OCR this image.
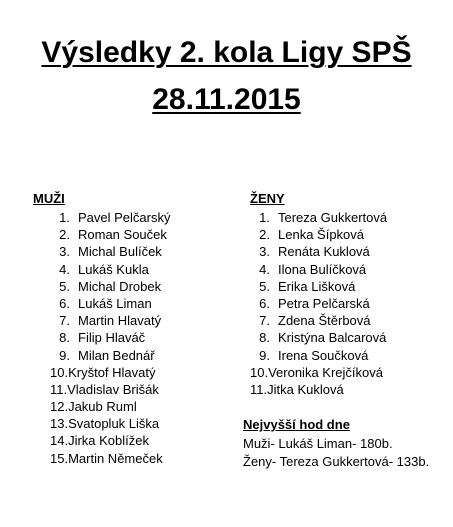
Výsledky 2. kola Ligy SPŠ
28.11.2015
MUŽI
1. Pavel Pelčarský
2. Roman Souček
3. Michal Bulíček
4. Lukáš Kukla
5. Michal Drobek
6. Lukáš Liman
7. Martin Hlavatý
8. Filip Hlaváč
9. Milan Bednář
10.Kryštof Hlavatý
11.Vladislav Brišák
12.Jakub Ruml
13.Svatopluk Liška
14.Jirka Koblížek
15.Martin Němeček
ŽENY
1. Tereza Gukkertová
2. Lenka Šípková
3. Renáta Kuklová
4. Ilona Bulíčková
5. Erika Lišková
6. Petra Pelčarská
7. Zdena Štěrbová
8. Kristýna Balcarová
9. Irena Součková
10.Veronika Krejčíková
11.Jitka Kuklová
Nejvyšší hod dne
Muži- Lukáš Liman- 180b.
Ženy- Tereza Gukkertová- 133b.
